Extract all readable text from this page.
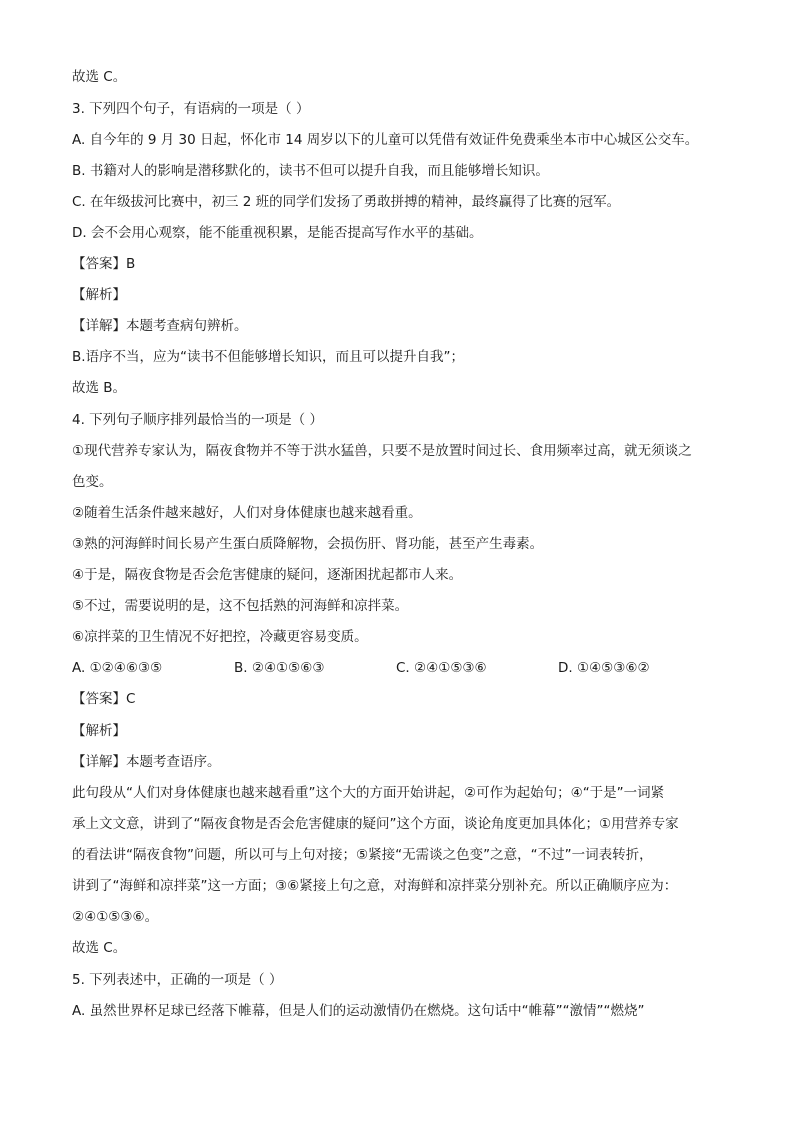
故选 C。
3. 下列四个句子，有语病的一项是（ ）
A. 自今年的 9 月 30 日起，怀化市 14 周岁以下的儿童可以凭借有效证件免费乘坐本市中心城区公交车。
B. 书籍对人的影响是潜移默化的，读书不但可以提升自我，而且能够增长知识。
C. 在年级拔河比赛中，初三 2 班的同学们发扬了勇敢拼搏的精神，最终赢得了比赛的冠军。
D. 会不会用心观察，能不能重视积累，是能否提高写作水平的基础。
【答案】B
【解析】
【详解】本题考查病句辨析。
B.语序不当，应为“读书不但能够增长知识，而且可以提升自我”；
故选 B。
4. 下列句子顺序排列最恰当的一项是（ ）
①现代营养专家认为，隔夜食物并不等于洪水猛兽，只要不是放置时间过长、食用频率过高，就无须谈之
色变。
②随着生活条件越来越好，人们对身体健康也越来越看重。
③熟的河海鲜时间长易产生蛋白质降解物，会损伤肝、肾功能，甚至产生毒素。
④于是，隔夜食物是否会危害健康的疑问，逐渐困扰起都市人来。
⑤不过，需要说明的是，这不包括熟的河海鲜和凉拌菜。
⑥凉拌菜的卫生情况不好把控，冷藏更容易变质。
A. ①②④⑥③⑤	B. ②④①⑤⑥③	C. ②④①⑤③⑥	D. ①④⑤③⑥②
【答案】C
【解析】
【详解】本题考查语序。
此句段从“人们对身体健康也越来越看重”这个大的方面开始讲起，②可作为起始句；④“于是”一词紧
承上文文意，讲到了“隔夜食物是否会危害健康的疑问”这个方面，谈论角度更加具体化；①用营养专家
的看法讲“隔夜食物”问题，所以可与上句对接；⑤紧接“无需谈之色变”之意，“不过”一词表转折，
讲到了“海鲜和凉拌菜”这一方面；③⑥紧接上句之意，对海鲜和凉拌菜分别补充。所以正确顺序应为：
②④①⑤③⑥。
故选 C。
5. 下列表述中，正确的一项是（ ）
A. 虽然世界杯足球已经落下帷幕，但是人们的运动激情仍在燃烧。这句话中“帷幕”“激情”“燃烧”
